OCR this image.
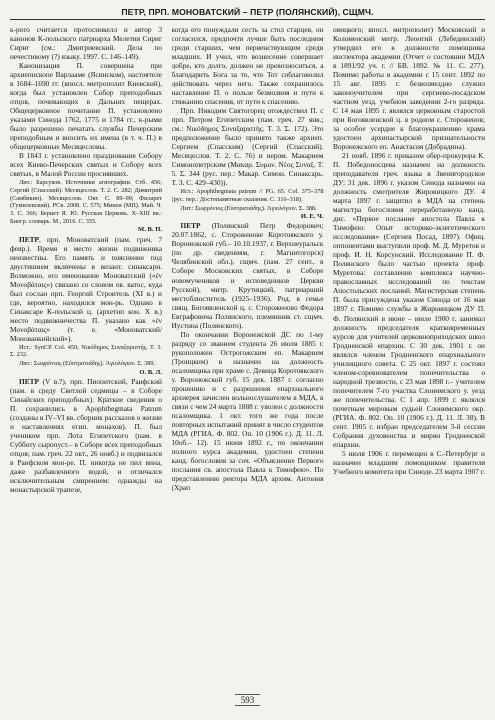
ПЕТР, ПРП. МОНОВАТСКИЙ – ПЕТР (ПОЛЯНСКИЙ), СЩМЧ.

к-рого считается протосинкелл и автор 3 канонов К-польского патриарха Мелетия Сириг Сириг (см.: Дмитриевский. Дела по нечестивому (?) языку. 1997. С. 146–149).

Канонизация П. совершена при архиепископе Варлааме (Ясинском), настоятеле в 1684–1690 гг. (впосл. митрополит Киевский), когда был установлен Собор преподобных отцов, почивающих в Дальних пещерах. Общецерковное почитание П. установлено указами Синода 1762, 1775 и 1784 гг., к-рыми было разрешено печатать службы Печерским преподобным и вносить их имена (в т. ч. П.) в общецерковные Месяцесловы.

В 1843 г. установлено празднование Собору всех Киево-Печерских святых и Собору всех святых, в Малой России просиявших.

Лит.: Барсуков. Источники агиографии. Стб. 456; Сергий (Спасский). Месяцеслов. Т. 2. С. 282; Димитрий (Самбикин). Месяцеслов. Окт. С. 89–90; Филарет (Гумилевский). РСв. 2008. С. 575; Минеи (МП). Май. Ч. 3. С. 366; Бернет Я. Ю. Русская Церковь. X–XIII вв.: Биогр. словарь. М., 2016. С. 355.

М. В. П.

ПЕТР, прп. Моноватский (пам. греч. 7 февр.). Время и место жизни подвижника неизвестны. Его память и пояснение под двустишием включены в визант. синаксари. Возможно, его именование Моноватский («ἐν Μονοβάταις») связано со словом ов. ватос, куда был сослан прп. Георгий Строитель (XI в.) и где, вероятно, находился мон-рь. Однако в Синаксаре К-польской ц. (архетип кон. X в.) место подвижничества П. указано как «ἐν Μονοβάταις» (т. е. «Моноватский/Моноваикийский»).

Ист.: SynCP. Col. 450; Νικόδημος Συναξαριστής. Τ. 3. Σ. 232.

Лит.: Σωφρόνιος (Εὐστρατιάδης). Ἁγιολόγιον. Σ. 389.

О. В. Л.

ПЕТР (V в.?), прп. Пиопитский, Раифский (пам. в среду Светлой седмицы – в Соборе Синайских преподобных). Краткие сведения о П. сохранились в Apophthegmata Patrum (созданы в IV–VI вв. сборник рассказов о жизни и наставлениях егип. монахов). П. был учеником прп. Лота Египетского (пам. в Субботу сыропуст.– в Соборе всех преподобных отцов; пам. греч. 22 окт., 26 нояб.) и подвизался в Раифском мон-ре. П. никогда не пил вина, даже разбавленного водой, и отличался исключительным смирением: однажды на монастырской трапезе,

когда его понуждали сесть за стол старцев, он согласился, предпочтя лучше быть последним среди старших, чем первенствующим среди младших. И учил, что вознесение совершает добре, кто долго, должен не превозноситься, а благодарить Бога за то, что Тот соблаговолил действовать через него. Также сохранилось наставление П. о пользе безмолвия и пути к стяжанию спасения, от пути к спасению.

Прп. Никодим Святогорец отождествил П. с прп. Петром Египетским (пам. греч. 27 янв.; см.: Νικόδημος Συναξαριστής. Τ. 3. Σ. 172). Это предположение было принято также архиеп. Сергием (Спасским) (Сергий (Спасский). Месяцеслов. Т. 2. С. 76) и иером. Макарием Симонопетрским (Μακαρ. Συμον. Νέος Συναξ. Τ. 5. Σ. 344 (рус. пер.: Макар. Симон. Синаксарь. Т. 3. С. 429–430)).

Ист.: Apophthegmata patrum // PG. 65. Col. 375–378 (рус. пер.: Достопамятные сказания. С. 316–318).

Лит.: Σωφρόνιος (Εὐστρατιάδης). Ἁγιολόγιον. Σ. 388.

И. Е. Ч.

ПЕТР (Полянский Петр Федорович; 20.07.1862, с. Стороженове Коротоякского у. Воронежской губ.– 10.10.1937, г. Верхнеуральск (по др. сведениям, г. Магнитогорск) Челябинской обл.), сщмч. (пам. 27 сент., в Соборе Московских святых, в Соборе новомучеников и исповедников Церкви Русской), митр. Крутицкий, патриарший местоблюститель (1925–1936). Род. в семье свящ. Богоявленской ц. с. Стороженово Федора Евграфовича Полянского, племянник ст. сщмч. Иустина (Полянского).

По окончании Воронежской ДС по 1-му разряду со званием студента 26 июля 1885 г. рукоположен Острогожским еп. Макарием (Троицким) в назначен на должность псаломщика при храме с. Девица Коротоякского у. Воронежской губ. 15 дек. 1887 г. согласно прошению и с разрешения епархиального архиерея зачислен вольнослушателем в МДА, в связи с чем 24 марта 1888 г. уволен с должности псаломщика. 1 окт. того же года после повторных испытаний принят в число студентов МДА (РГИА. Ф. 802. Оп. 10 (1906 г.). Д. 11. Л. 10об.– 12). 15 июня 1892 г., по окончании полного курса академии, удостоен степени канд. богословия за соч. «Объяснение Первого послания св. апостола Павла к Тимофею». По представлению ректора МДА архим. Антония (Храп

овицкого; впосл. митрополит) Московский и Коломенский митр. Леонтий (Лебединский) утвердил его в должности помощника инспектора академии (Отчет о состоянии МДА в 1891/92 уч. г. // БВ. 1892. № 11. С. 277). Помимо работы в академии с 15 сент. 1892 по 15 авг. 1895 г. безвозмездно служил законоучителем при сергиево-посадском частном уезд. учебном заведении 2-го разряда. С 14 мая 1895 г. являлся церковным старостой при Богоявленской ц. в родном с. Стороженов; за особое усердие к благоукрашению храма удостоен архипастырской признательности Воронежского еп. Анастасия (Добрадина).

21 нояб. 1896 г. приказом обер-прокурора К. П. Победоносцева назначен на должность преподавателя греч. языка в Звенигородское ДУ; 31 дек. 1896 г. указом Синода назначен на должность смотрителя Жировицкого ДУ. 4 марта 1897 г. защитил в МДА на степень магистра богословия переработанную канд. дис. «Первое послание апостола Павла к Тимофею: Опыт историко-экзегетического исследования» (Сергиев Посад, 1897). Офиц. оппонентами выступили проф. М. Д. Муретов и проф. И. Н. Корсунский. Исследование П. Ф. Полянского было частью проекта проф. Муретова: составление комплекса научно-православных исследований по текстам Апостольских посланий. Магистерская степень П. была присуждена указом Синода от 16 мая 1897 г. Помимо службы в Жировицком ДУ П. Ф. Полянский в июне – июле 1900 г. занимал должность председателя кратковременных курсов для учителей церковноприходских школ Гродненской епархии. С 30 дек. 1901 г. он являлся членом Гродненского епархиального училищного совета. С 25 окт. 1897 г. состоял членом-соревнователем попечительства о народной трезвости, с 23 мая 1898 г.– учителем попечителем 7-го участка Слонимского у. уезд же попечительства. С 1 апр. 1899 г. являлся почетным мировым судьей Слонимского окр. (РГИА. Ф. 802. Оп. 10 (1906 г.). Д. 11. Л. 38). В сент. 1905 г. избран председателем 3-й сессии Собрания духовенства и мирян Гродненской епархии.

5 июля 1906 г. перемещен в С.-Петербург и назначен младшим помощником правителя Учебного комитета при Синоде. 23 марта 1907 г.

593
